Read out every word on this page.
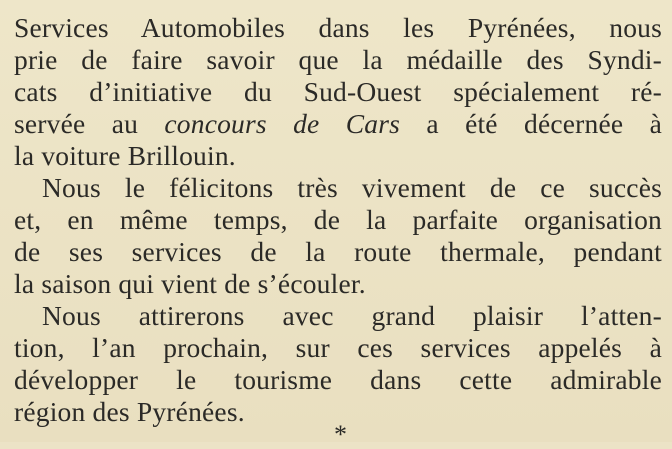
Services Automobiles dans les Pyrénées, nous
prie de faire savoir que la médaille des Syndi-
cats d’initiative du Sud-Ouest spécialement ré-
servée au concours de Cars a été décernée à
la voiture Brillouin.
Nous le félicitons très vivement de ce succès
et, en même temps, de la parfaite organisation
de ses services de la route thermale, pendant
la saison qui vient de s’écouler.
Nous attirerons avec grand plaisir l’atten-
tion, l’an prochain, sur ces services appelés à
développer le tourisme dans cette admirable
région des Pyrénées.
*
